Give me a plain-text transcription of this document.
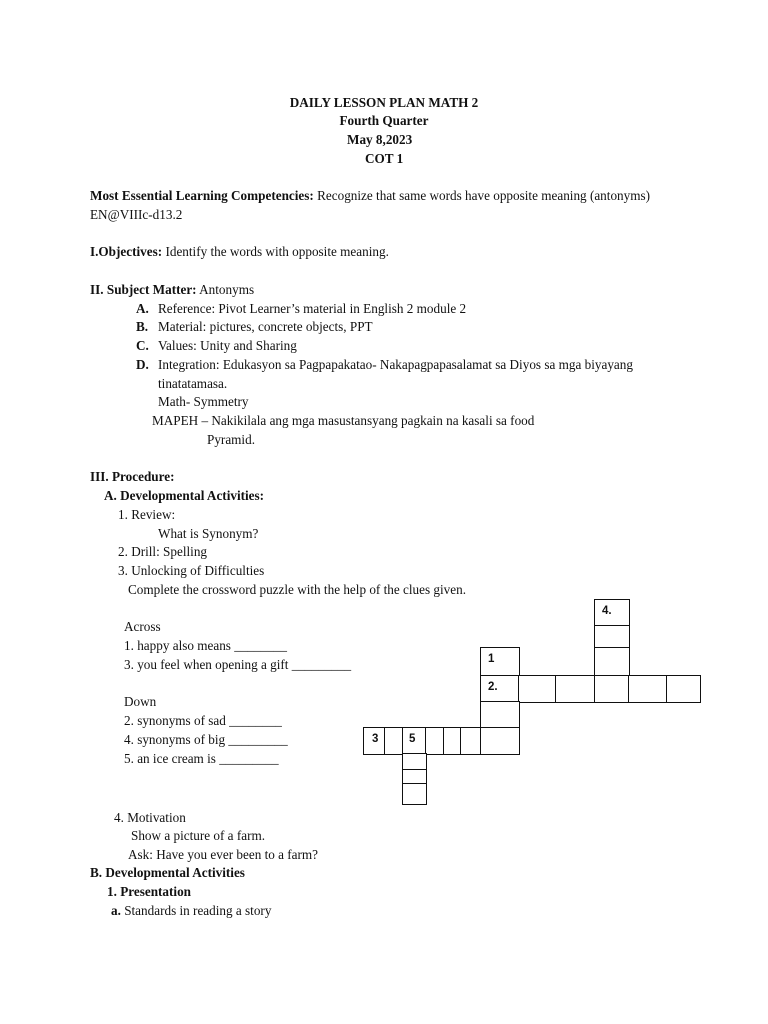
DAILY LESSON PLAN MATH 2
Fourth Quarter
May 8,2023
COT 1
Most Essential Learning Competencies: Recognize that same words have opposite meaning (antonyms)
EN@VIIIc-d13.2
I.Objectives: Identify the words with opposite meaning.
II. Subject Matter: Antonyms
A. Reference: Pivot Learner’s material in English 2 module 2
B. Material: pictures, concrete objects, PPT
C. Values: Unity and Sharing
D. Integration: Edukasyon sa Pagpapakatao- Nakapagpapasalamat sa Diyos sa mga biyayang
tinatatamasa.
Math- Symmetry
MAPEH – Nakikilala ang mga masustansyang pagkain na kasali sa food
Pyramid.
III. Procedure:
A. Developmental Activities:
1. Review:
What is Synonym?
2. Drill: Spelling
3. Unlocking of Difficulties
Complete the crossword puzzle with the help of the clues given.
Across
1. happy also means ________
3. you feel when opening a gift _________
Down
2. synonyms of sad ________
4. synonyms of big _________
5. an ice cream is _________
4.
1
2.
3	5
4. Motivation
Show a picture of a farm.
Ask: Have you ever been to a farm?
B. Developmental Activities
1. Presentation
a. Standards in reading a story
